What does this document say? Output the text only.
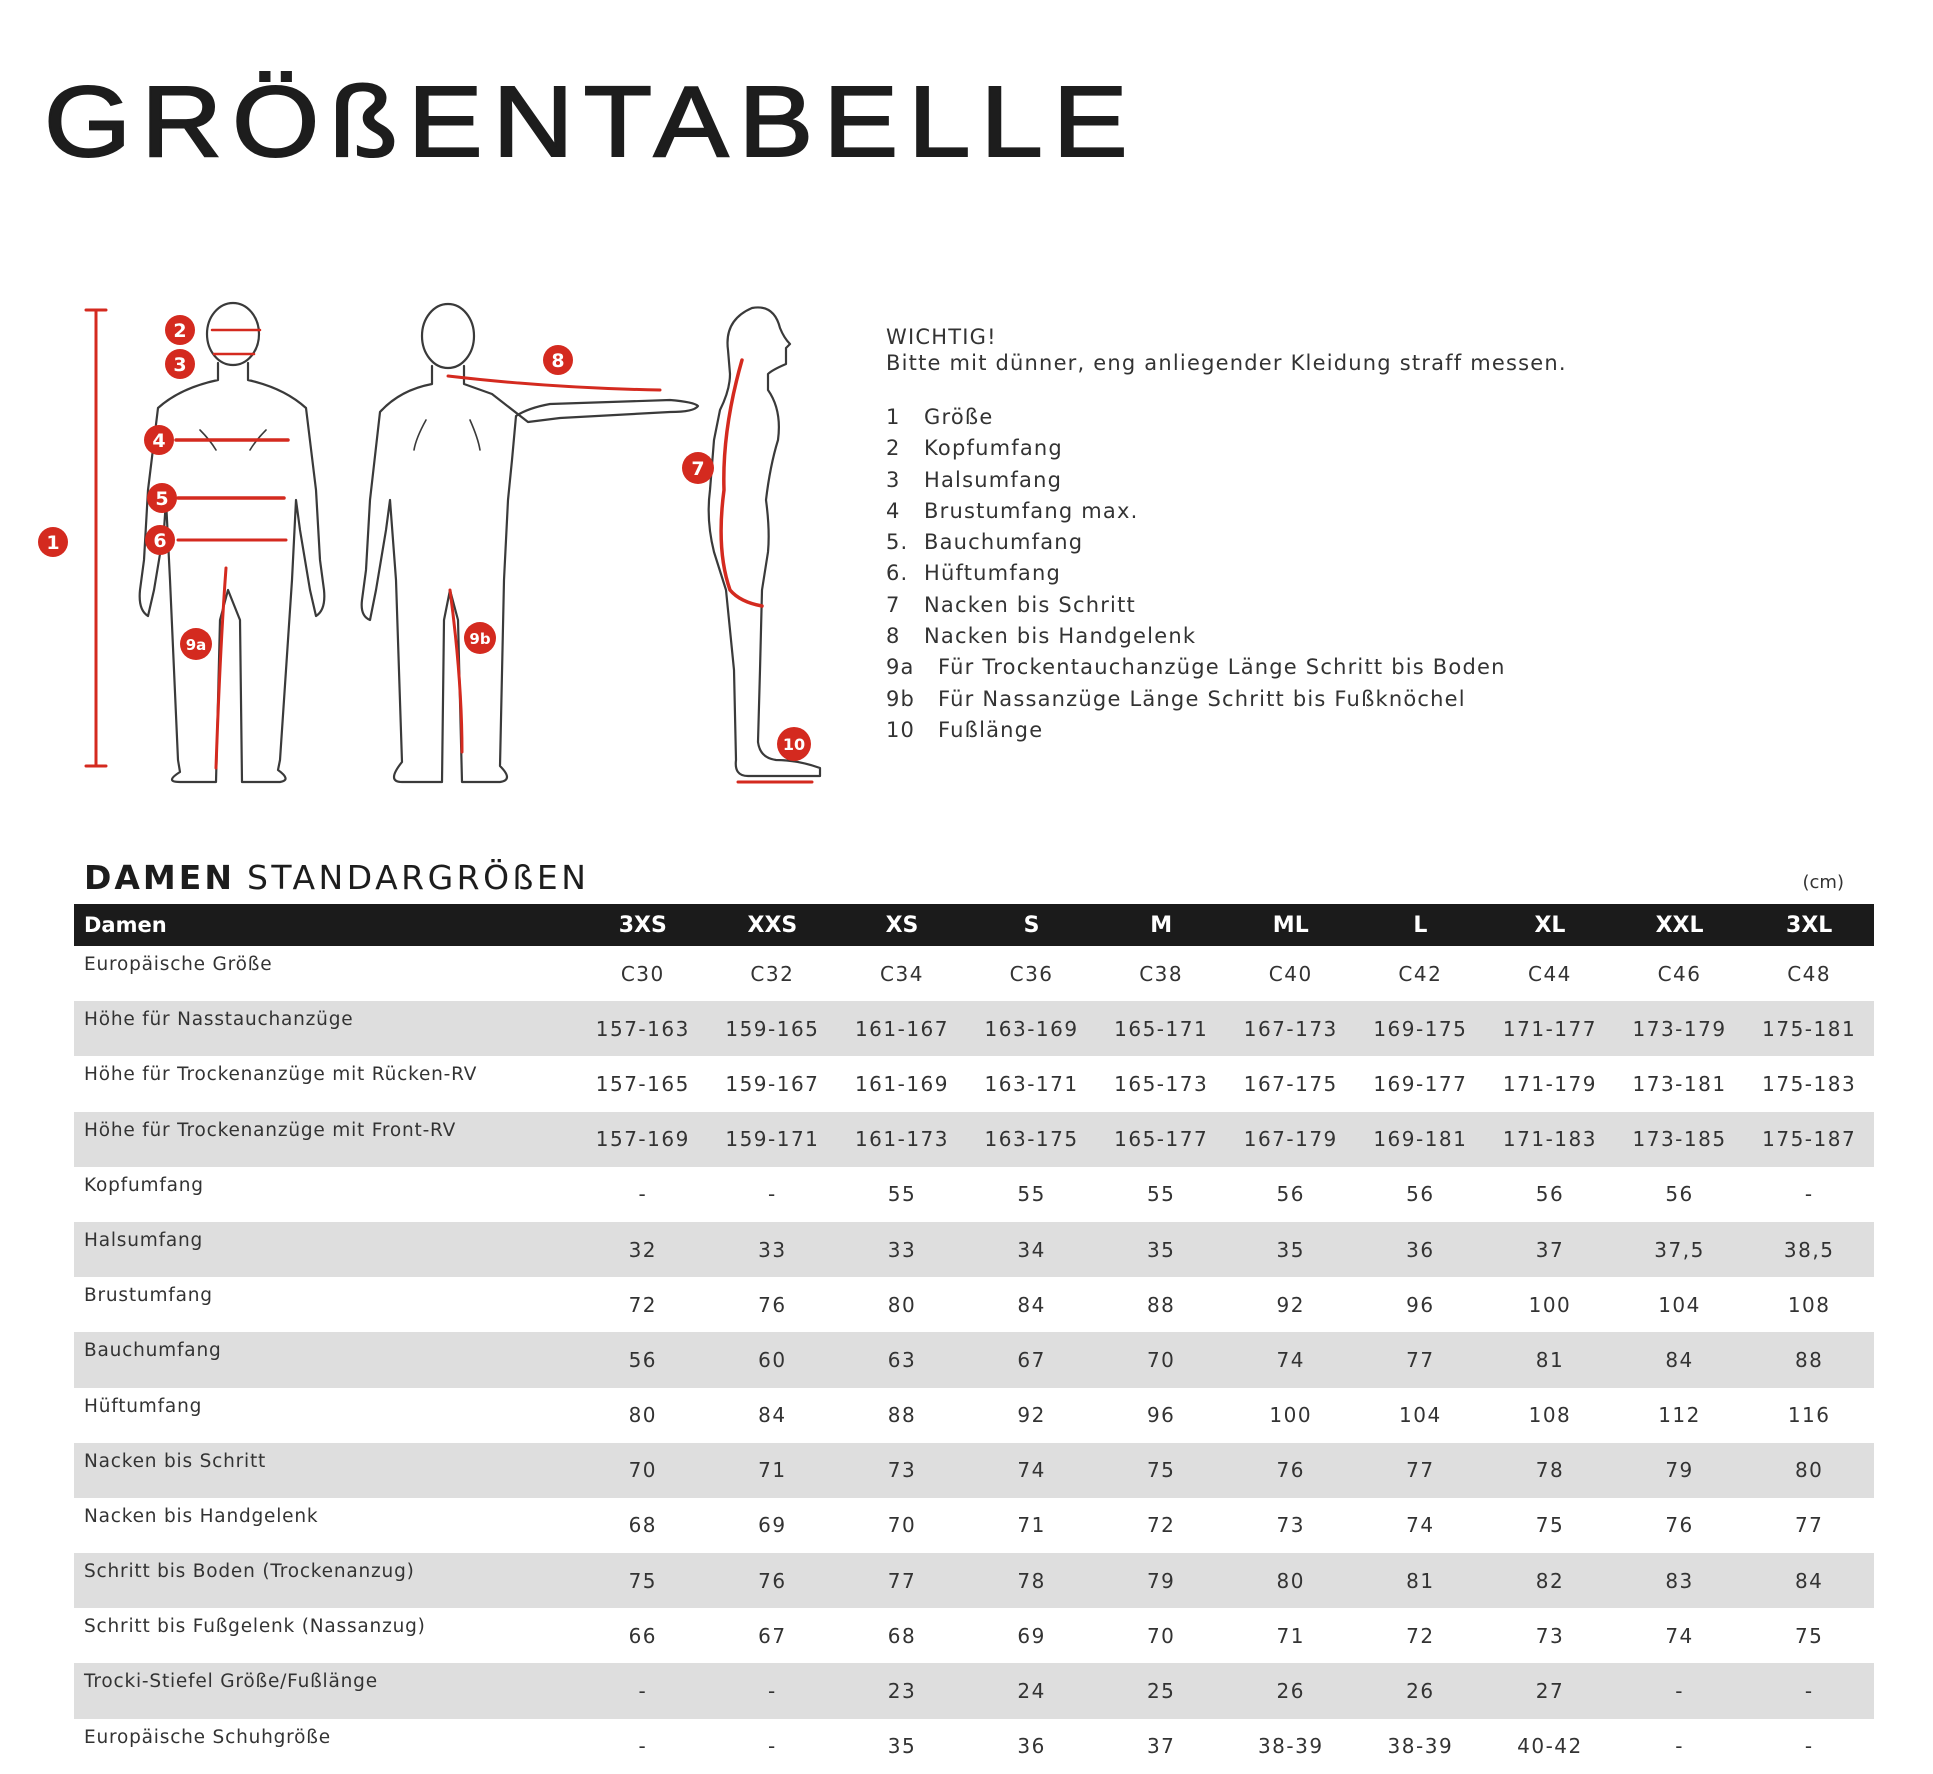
GRÖßENTABELLE
1
2
3
4
5
6
7
8
9a	9b
10

WICHTIG!

Bitte mit dünner, eng anliegender Kleidung straff messen.

1 Größe
2 Kopfumfang
3 Halsumfang
4 Brustumfang max.
5. Bauchumfang
6. Hüftumfang
7 Nacken bis Schritt
8 Nacken bis Handgelenk
9a Für Trockentauchanzüge Länge Schritt bis Boden
9b Für Nassanzüge Länge Schritt bis Fußknöchel
10 Fußlänge
DAMEN STANDARGRÖßEN	(cm)
Damen	3XS	XXS	XS	S	M	ML	L	XL	XXL	3XL
Europäische Größe	C30	C32	C34	C36	C38	C40	C42	C44	C46	C48
Höhe für Nasstauchanzüge	157-163	159-165	161-167	163-169	165-171	167-173	169-175	171-177	173-179	175-181
Höhe für Trockenanzüge mit Rücken-RV	157-165	159-167	161-169	163-171	165-173	167-175	169-177	171-179	173-181	175-183
Höhe für Trockenanzüge mit Front-RV	157-169	159-171	161-173	163-175	165-177	167-179	169-181	171-183	173-185	175-187
Kopfumfang	-	-	55	55	55	56	56	56	56	-
Halsumfang	32	33	33	34	35	35	36	37	37,5	38,5
Brustumfang	72	76	80	84	88	92	96	100	104	108
Bauchumfang	56	60	63	67	70	74	77	81	84	88
Hüftumfang	80	84	88	92	96	100	104	108	112	116
Nacken bis Schritt	70	71	73	74	75	76	77	78	79	80
Nacken bis Handgelenk	68	69	70	71	72	73	74	75	76	77
Schritt bis Boden (Trockenanzug)	75	76	77	78	79	80	81	82	83	84
Schritt bis Fußgelenk (Nassanzug)	66	67	68	69	70	71	72	73	74	75
Trocki-Stiefel Größe/Fußlänge	-	-	23	24	25	26	26	27	-	-
Europäische Schuhgröße	-	-	35	36	37	38-39	38-39	40-42	-	-
